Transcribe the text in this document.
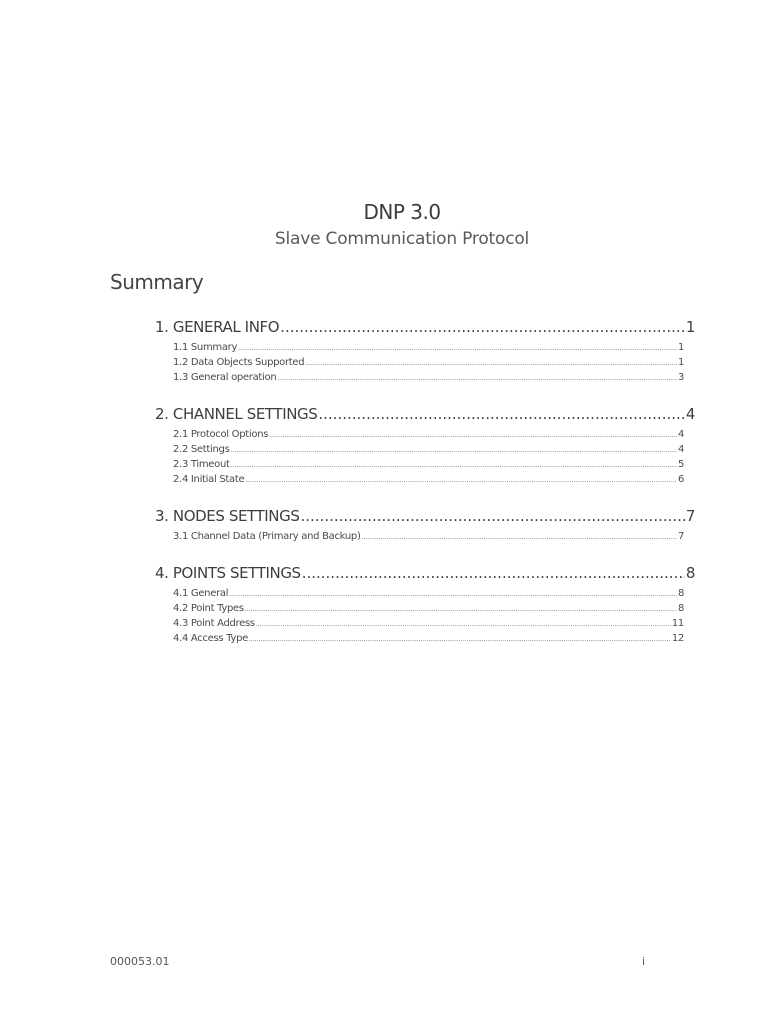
DNP 3.0
Slave Communication Protocol
Summary
1. GENERAL INFO .....	1
1.1 Summary .....	1
1.2 Data Objects Supported .....	1
1.3 General operation .....	3
2. CHANNEL SETTINGS .....	4
2.1 Protocol Options .....	4
2.2 Settings .....	4
2.3 Timeout .....	5
2.4 Initial State .....	6
3. NODES SETTINGS .....	7
3.1 Channel Data (Primary and Backup) .....	7
4. POINTS SETTINGS .....	8
4.1 General .....	8
4.2 Point Types .....	8
4.3 Point Address .....	11
4.4 Access Type .....	12
000053.01	i
